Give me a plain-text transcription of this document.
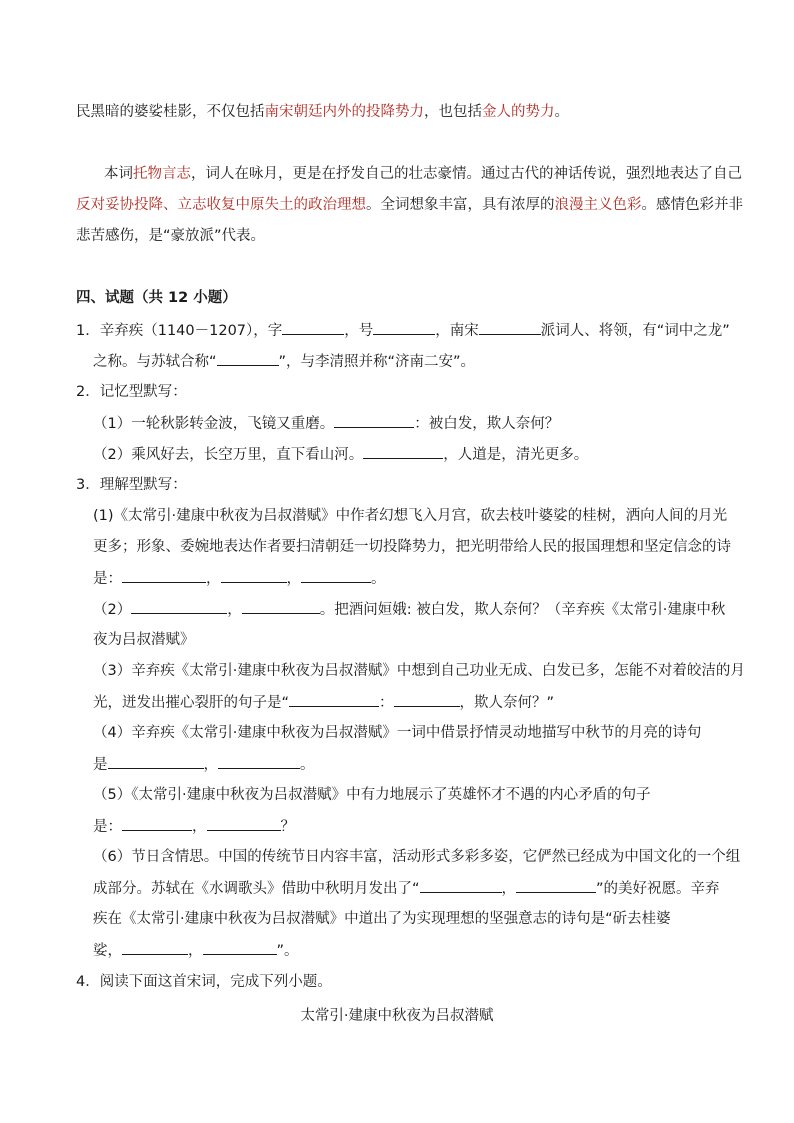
民黑暗的婆娑桂影，不仅包括南宋朝廷内外的投降势力，也包括金人的势力。
本词托物言志，词人在咏月，更是在抒发自己的壮志豪情。通过古代的神话传说，强烈地表达了自己
反对妥协投降、立志收复中原失土的政治理想。全词想象丰富，具有浓厚的浪漫主义色彩。感情色彩并非
悲苦感伤，是“豪放派”代表。
四、试题（共 12 小题）
1．辛弃疾（1140－1207），字	，号	，南宋	派词人、将领，有“词中之龙”
之称。与苏轼合称“	”，与李清照并称“济南二安”。
2．记忆型默写：
（1）一轮秋影转金波，飞镜又重磨。	：被白发，欺人奈何？
（2）乘风好去，长空万里，直下看山河。	，人道是，清光更多。
3．理解型默写：
(1)《太常引·建康中秋夜为吕叔潜赋》中作者幻想飞入月宫，砍去枝叶婆娑的桂树，洒向人间的月光
更多；形象、委婉地表达作者要扫清朝廷一切投降势力，把光明带给人民的报国理想和坚定信念的诗
是：	，	，	。
（2）	，	。把酒问姮娥: 被白发，欺人奈何？（辛弃疾《太常引·建康中秋
夜为吕叔潜赋》
（3）辛弃疾《太常引·建康中秋夜为吕叔潜赋》中想到自己功业无成、白发已多，怎能不对着皎洁的月
光，迸发出摧心裂肝的句子是“	：	，欺人奈何？”
（4）辛弃疾《太常引·建康中秋夜为吕叔潜赋》一词中借景抒情灵动地描写中秋节的月亮的诗句
是	，	。
（5）《太常引·建康中秋夜为吕叔潜赋》中有力地展示了英雄怀才不遇的内心矛盾的句子
是：	，	？
（6）节日含情思。中国的传统节日内容丰富，活动形式多彩多姿，它俨然已经成为中国文化的一个组
成部分。苏轼在《水调歌头》借助中秋明月发出了“	，	”的美好祝愿。辛弃
疾在《太常引·建康中秋夜为吕叔潜赋》中道出了为实现理想的坚强意志的诗句是“斫去桂婆
娑，	，	”。
4．阅读下面这首宋词，完成下列小题。
太常引·建康中秋夜为吕叔潜赋
